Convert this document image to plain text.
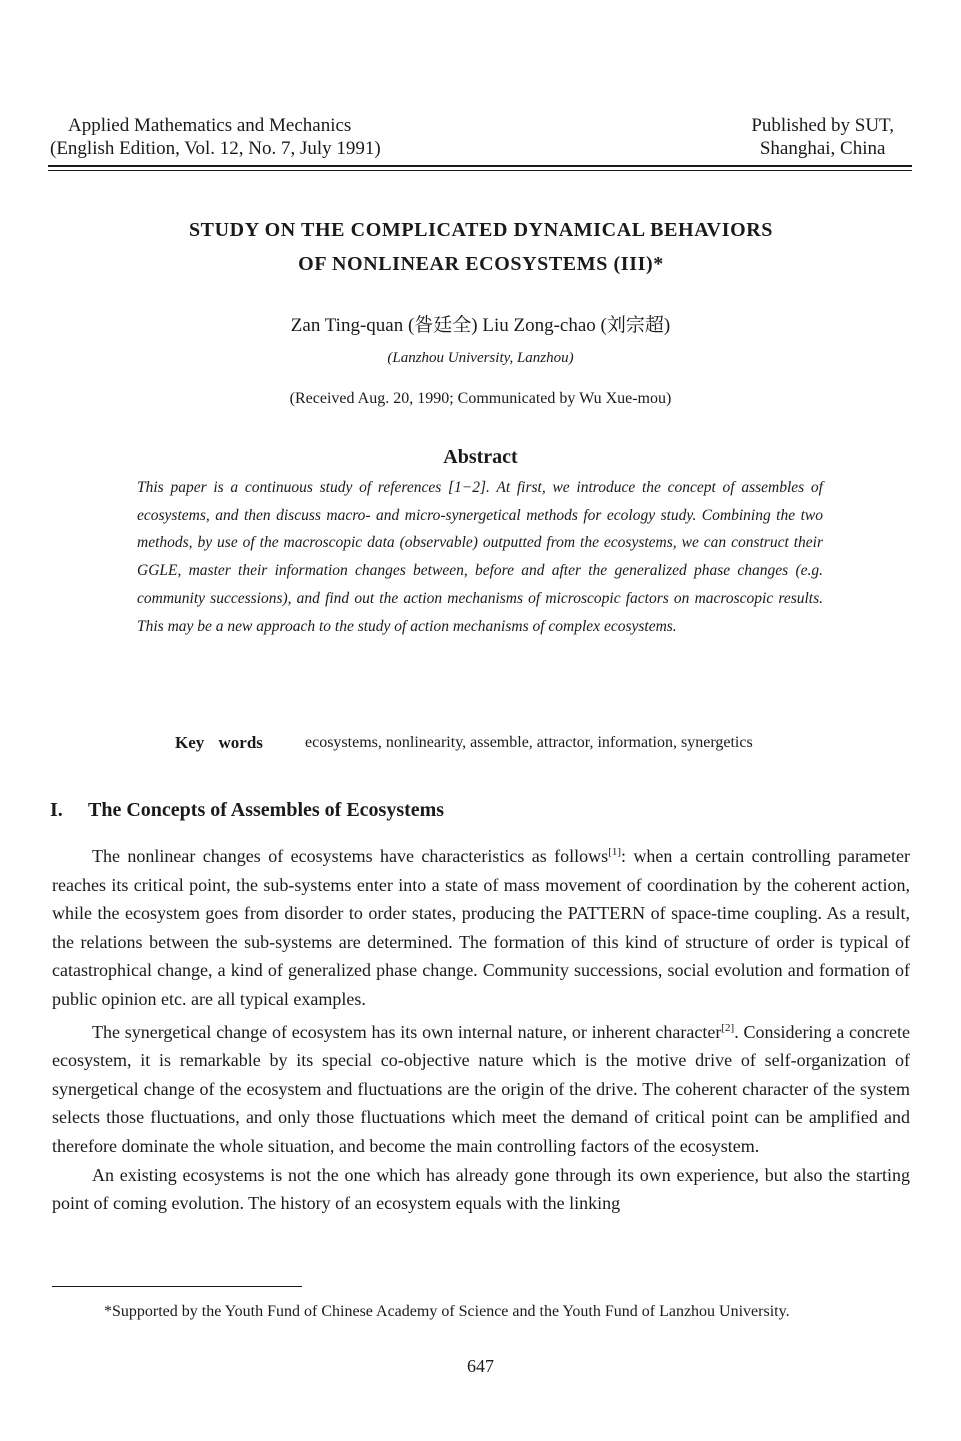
Applied Mathematics and Mechanics
(English Edition, Vol. 12, No. 7, July 1991)
Published by SUT,
Shanghai, China
STUDY ON THE COMPLICATED DYNAMICAL BEHAVIORS
OF NONLINEAR ECOSYSTEMS (III)*
Zan Ting-quan (昝廷全) Liu Zong-chao (刘宗超)
(Lanzhou University, Lanzhou)
(Received Aug. 20, 1990; Communicated by Wu Xue-mou)
Abstract
This paper is a continuous study of references [1−2]. At first, we introduce the concept of assembles of ecosystems, and then discuss macro- and micro-synergetical methods for ecology study. Combining the two methods, by use of the macroscopic data (observable) outputted from the ecosystems, we can construct their GGLE, master their information changes between, before and after the generalized phase changes (e.g. community successions), and find out the action mechanisms of microscopic factors on macroscopic results. This may be a new approach to the study of action mechanisms of complex ecosystems.
Key words	ecosystems, nonlinearity, assemble, attractor, information, synergetics
I. The Concepts of Assembles of Ecosystems

The nonlinear changes of ecosystems have characteristics as follows[1]: when a certain controlling parameter reaches its critical point, the sub-systems enter into a state of mass movement of coordination by the coherent action, while the ecosystem goes from disorder to order states, producing the PATTERN of space-time coupling. As a result, the relations between the sub-systems are determined. The formation of this kind of structure of order is typical of catastrophical change, a kind of generalized phase change. Community successions, social evolution and formation of public opinion etc. are all typical examples.

The synergetical change of ecosystem has its own internal nature, or inherent character[2]. Considering a concrete ecosystem, it is remarkable by its special co-objective nature which is the motive drive of self-organization of synergetical change of the ecosystem and fluctuations are the origin of the drive. The coherent character of the system selects those fluctuations, and only those fluctuations which meet the demand of critical point can be amplified and therefore dominate the whole situation, and become the main controlling factors of the ecosystem.

An existing ecosystems is not the one which has already gone through its own experience, but also the starting point of coming evolution. The history of an ecosystem equals with the linking

*Supported by the Youth Fund of Chinese Academy of Science and the Youth Fund of Lanzhou University.
647
